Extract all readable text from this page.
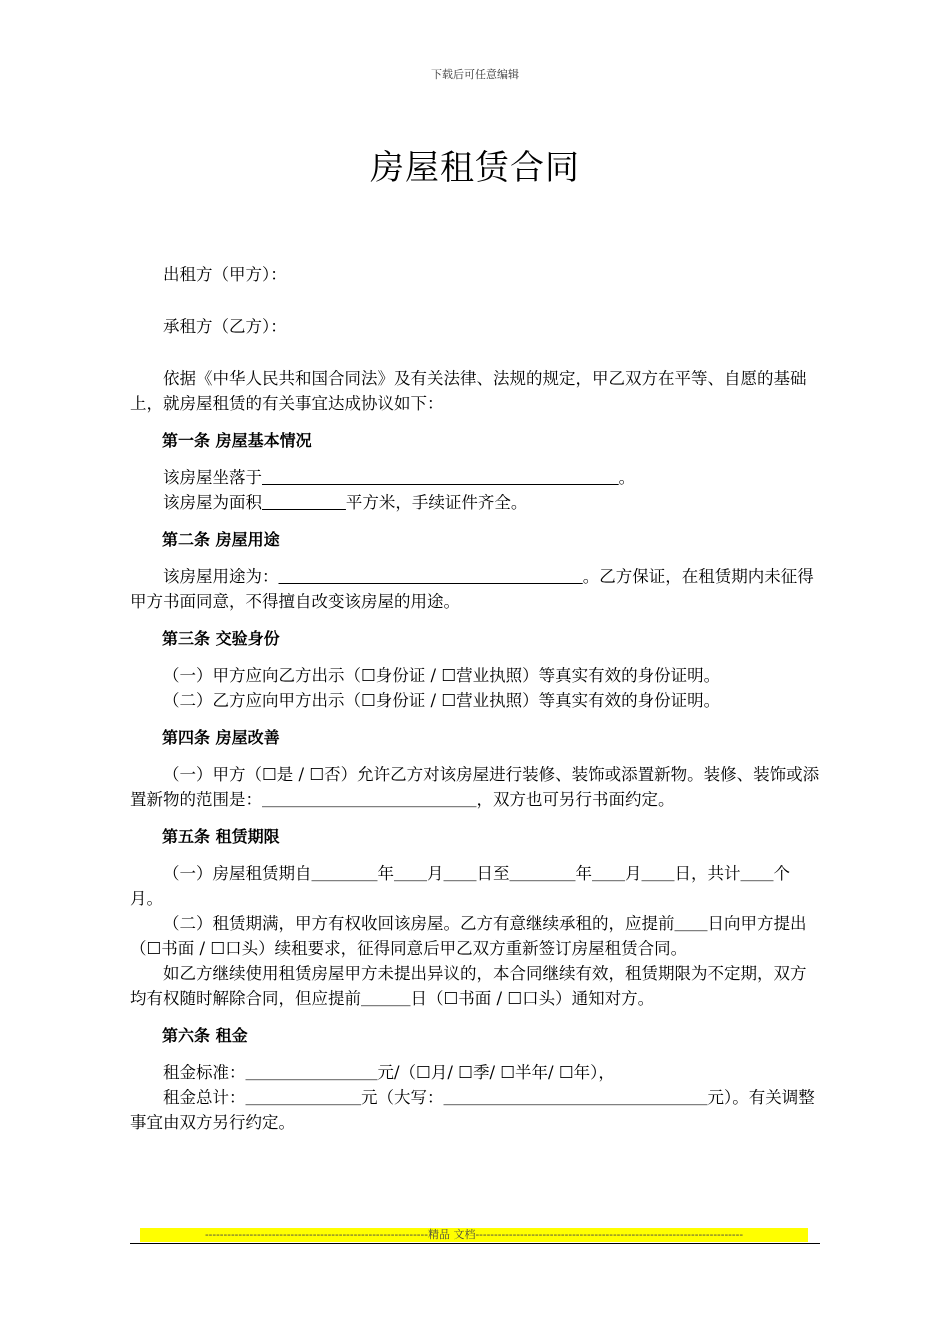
下载后可任意编辑
房屋租赁合同

出租方（甲方）：

承租方（乙方）：

依据《中华人民共和国合同法》及有关法律、法规的规定，甲乙双方在平等、自愿的基础上，就房屋租赁的有关事宜达成协议如下：

第一条 房屋基本情况

该房屋坐落于	。

该房屋为面积	平方米，手续证件齐全。

第二条 房屋用途

该房屋用途为：	。乙方保证，在租赁期内未征得甲方书面同意，不得擅自改变该房屋的用途。

第三条 交验身份

（一）甲方应向乙方出示（☐身份证 / ☐营业执照）等真实有效的身份证明。

（二）乙方应向甲方出示（☐身份证 / ☐营业执照）等真实有效的身份证明。

第四条 房屋改善

（一）甲方（☐是 / ☐否）允许乙方对该房屋进行装修、装饰或添置新物。装修、装饰或添置新物的范围是：＿＿＿＿＿＿＿＿＿＿＿＿＿，双方也可另行书面约定。

第五条 租赁期限

（一）房屋租赁期自＿＿＿＿年＿＿月＿＿日至＿＿＿＿年＿＿月＿＿日，共计＿＿个月。

（二）租赁期满，甲方有权收回该房屋。乙方有意继续承租的，应提前＿＿日向甲方提出（☐书面 / ☐口头）续租要求，征得同意后甲乙双方重新签订房屋租赁合同。

如乙方继续使用租赁房屋甲方未提出异议的，本合同继续有效，租赁期限为不定期，双方均有权随时解除合同，但应提前＿＿＿日（☐书面 / ☐口头）通知对方。

第六条 租金

租金标准：＿＿＿＿＿＿＿＿元/（☐月/ ☐季/ ☐半年/ ☐年），

租金总计：＿＿＿＿＿＿＿元（大写：＿＿＿＿＿＿＿＿＿＿＿＿＿＿＿＿元）。有关调整事宜由双方另行约定。

------------------------------------------------------------精品 文档------------------------------------------------------------------------
